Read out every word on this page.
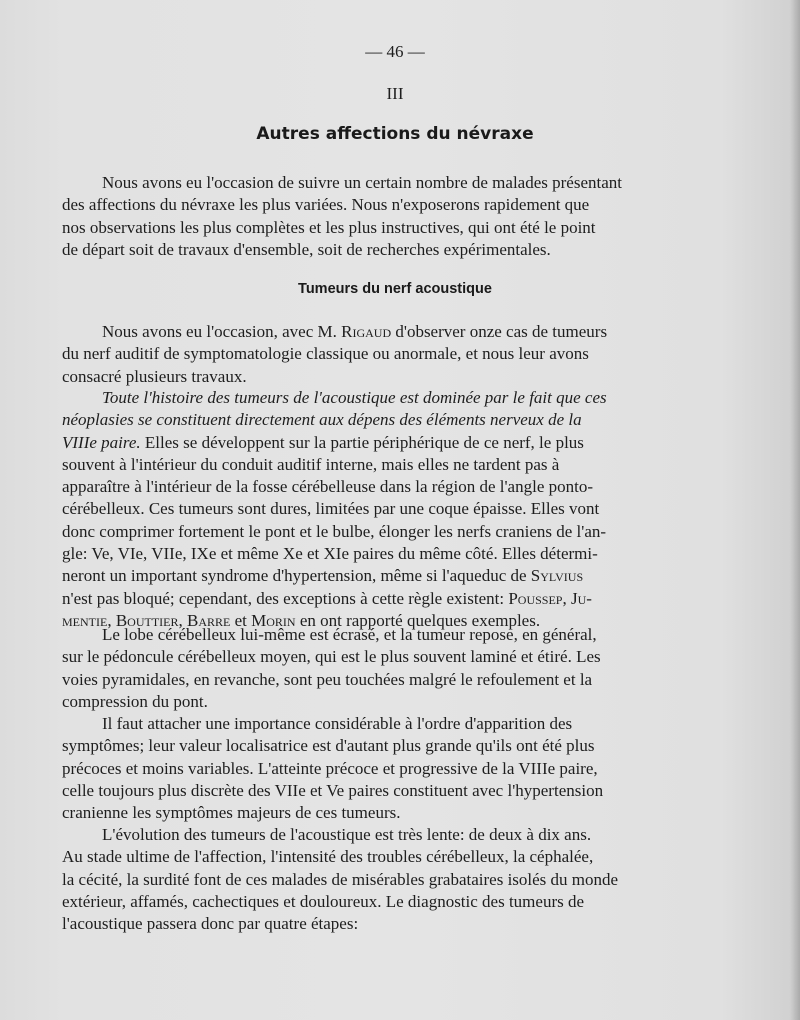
— 46 —
III
Autres affections du névraxe
Nous avons eu l'occasion de suivre un certain nombre de malades présentant
des affections du névraxe les plus variées. Nous n'exposerons rapidement que
nos observations les plus complètes et les plus instructives, qui ont été le point
de départ soit de travaux d'ensemble, soit de recherches expérimentales.
Tumeurs du nerf acoustique
Nous avons eu l'occasion, avec M. Rigaud d'observer onze cas de tumeurs
du nerf auditif de symptomatologie classique ou anormale, et nous leur avons
consacré plusieurs travaux.
Toute l'histoire des tumeurs de l'acoustique est dominée par le fait que ces
néoplasies se constituent directement aux dépens des éléments nerveux de la
VIIIe paire. Elles se développent sur la partie périphérique de ce nerf, le plus
souvent à l'intérieur du conduit auditif interne, mais elles ne tardent pas à
apparaître à l'intérieur de la fosse cérébelleuse dans la région de l'angle ponto-
cérébelleux. Ces tumeurs sont dures, limitées par une coque épaisse. Elles vont
donc comprimer fortement le pont et le bulbe, élonger les nerfs craniens de l'an-
gle: Ve, VIe, VIIe, IXe et même Xe et XIe paires du même côté. Elles détermi-
neront un important syndrome d'hypertension, même si l'aqueduc de Sylvius
n'est pas bloqué; cependant, des exceptions à cette règle existent: Poussep, Ju-
mentie, Bouttier, Barre et Morin en ont rapporté quelques exemples.
Le lobe cérébelleux lui-même est écrasé, et la tumeur repose, en général,
sur le pédoncule cérébelleux moyen, qui est le plus souvent laminé et étiré. Les
voies pyramidales, en revanche, sont peu touchées malgré le refoulement et la
compression du pont.
Il faut attacher une importance considérable à l'ordre d'apparition des
symptômes; leur valeur localisatrice est d'autant plus grande qu'ils ont été plus
précoces et moins variables. L'atteinte précoce et progressive de la VIIIe paire,
celle toujours plus discrète des VIIe et Ve paires constituent avec l'hypertension
cranienne les symptômes majeurs de ces tumeurs.
L'évolution des tumeurs de l'acoustique est très lente: de deux à dix ans.
Au stade ultime de l'affection, l'intensité des troubles cérébelleux, la céphalée,
la cécité, la surdité font de ces malades de misérables grabataires isolés du monde
extérieur, affamés, cachectiques et douloureux. Le diagnostic des tumeurs de
l'acoustique passera donc par quatre étapes:
